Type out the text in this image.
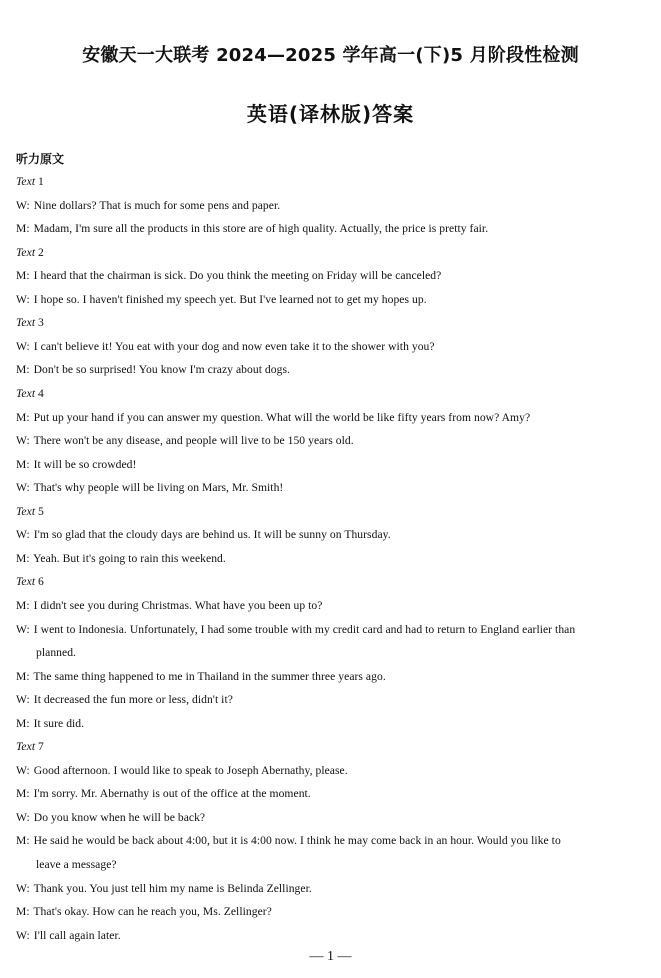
安徽天一大联考 2024—2025 学年高一(下)5 月阶段性检测
英语(译林版)答案
听力原文
Text 1
W: Nine dollars? That is much for some pens and paper.
M: Madam, I'm sure all the products in this store are of high quality. Actually, the price is pretty fair.
Text 2
M: I heard that the chairman is sick. Do you think the meeting on Friday will be canceled?
W: I hope so. I haven't finished my speech yet. But I've learned not to get my hopes up.
Text 3
W: I can't believe it! You eat with your dog and now even take it to the shower with you?
M: Don't be so surprised! You know I'm crazy about dogs.
Text 4
M: Put up your hand if you can answer my question. What will the world be like fifty years from now? Amy?
W: There won't be any disease, and people will live to be 150 years old.
M: It will be so crowded!
W: That's why people will be living on Mars, Mr. Smith!
Text 5
W: I'm so glad that the cloudy days are behind us. It will be sunny on Thursday.
M: Yeah. But it's going to rain this weekend.
Text 6
M: I didn't see you during Christmas. What have you been up to?
W: I went to Indonesia. Unfortunately, I had some trouble with my credit card and had to return to England earlier than
planned.
M: The same thing happened to me in Thailand in the summer three years ago.
W: It decreased the fun more or less, didn't it?
M: It sure did.
Text 7
W: Good afternoon. I would like to speak to Joseph Abernathy, please.
M: I'm sorry. Mr. Abernathy is out of the office at the moment.
W: Do you know when he will be back?
M: He said he would be back about 4:00, but it is 4:00 now. I think he may come back in an hour. Would you like to
leave a message?
W: Thank you. You just tell him my name is Belinda Zellinger.
M: That's okay. How can he reach you, Ms. Zellinger?
W: I'll call again later.
— 1 —
